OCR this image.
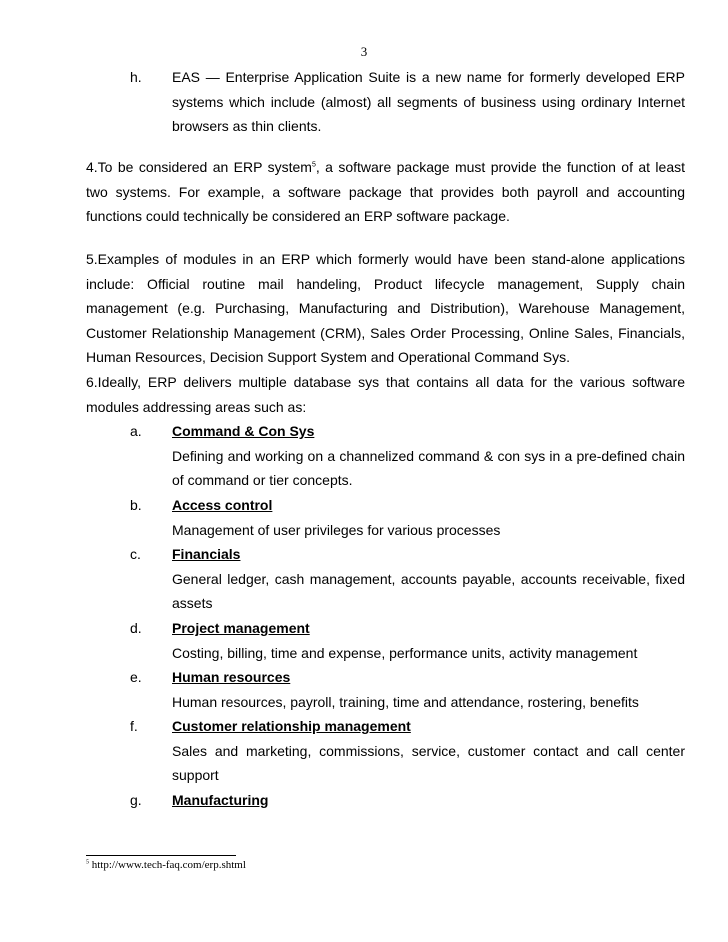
3
h. EAS — Enterprise Application Suite is a new name for formerly developed ERP systems which include (almost) all segments of business using ordinary Internet browsers as thin clients.
4.To be considered an ERP system$^5$, a software package must provide the function of at least two systems. For example, a software package that provides both payroll and accounting functions could technically be considered an ERP software package.
5.Examples of modules in an ERP which formerly would have been stand-alone applications include: Official routine mail handeling, Product lifecycle management, Supply chain management (e.g. Purchasing, Manufacturing and Distribution), Warehouse Management, Customer Relationship Management (CRM), Sales Order Processing, Online Sales, Financials, Human Resources, Decision Support System and Operational Command Sys.
6.Ideally, ERP delivers multiple database sys that contains all data for the various software modules addressing areas such as:
a. Command & Con Sys
Defining and working on a channelized command & con sys in a pre-defined chain of command or tier concepts.
b. Access control
Management of user privileges for various processes
c. Financials
General ledger, cash management, accounts payable, accounts receivable, fixed assets
d. Project management
Costing, billing, time and expense, performance units, activity management
e. Human resources
Human resources, payroll, training, time and attendance, rostering, benefits
f. Customer relationship management
Sales and marketing, commissions, service, customer contact and call center support
g. Manufacturing
$^5$ http://www.tech-faq.com/erp.shtml
